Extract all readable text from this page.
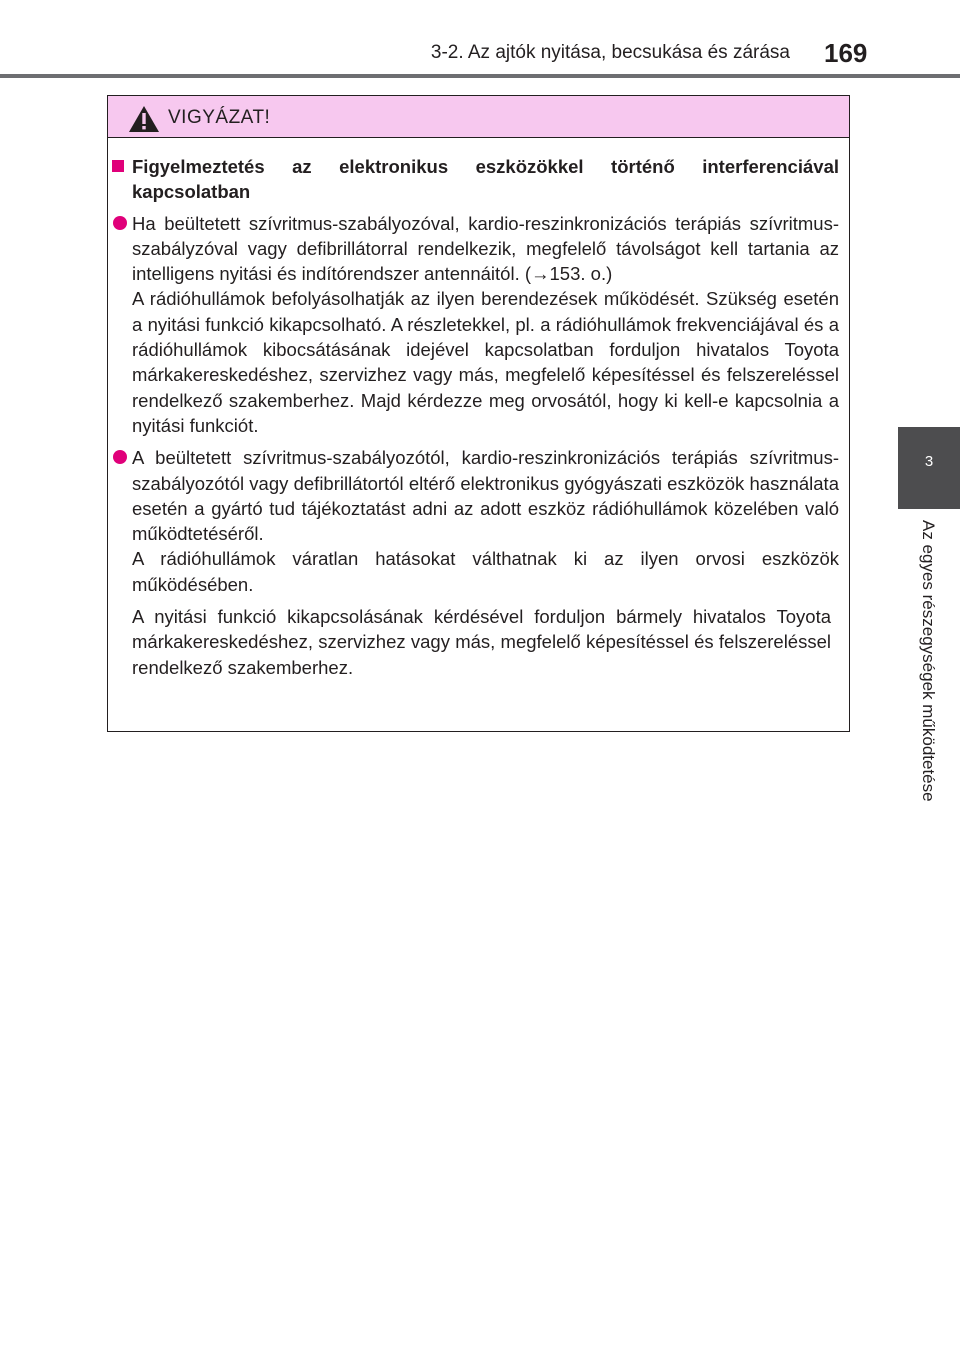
3-2. Az ajtók nyitása, becsukása és zárása 169
3
Az egyes részegységek működtetése
VIGYÁZAT!
Figyelmeztetés az elektronikus eszközökkel történő interferenciával kapcsolatban
Ha beültetett szívritmus-szabályozóval, kardio-reszinkronizációs terápiás szívritmus-szabályzóval vagy defibrillátorral rendelkezik, megfelelő távolságot kell tartania az intelligens nyitási és indítórendszer antennáitól. (→153. o.)
A rádióhullámok befolyásolhatják az ilyen berendezések működését. Szükség esetén a nyitási funkció kikapcsolható. A részletekkel, pl. a rádióhullámok frekvenciájával és a rádióhullámok kibocsátásának idejével kapcsolatban forduljon hivatalos Toyota márkakereskedéshez, szervizhez vagy más, megfelelő képesítéssel és felszereléssel rendelkező szakemberhez. Majd kérdezze meg orvosától, hogy ki kell-e kapcsolnia a nyitási funkciót.
A beültetett szívritmus-szabályozótól, kardio-reszinkronizációs terápiás szívritmus-szabályozótól vagy defibrillátortól eltérő elektronikus gyógyászati eszközök használata esetén a gyártó tud tájékoztatást adni az adott eszköz rádióhullámok közelében való működtetéséről.
A rádióhullámok váratlan hatásokat válthatnak ki az ilyen orvosi eszközök működésében.
A nyitási funkció kikapcsolásának kérdésével forduljon bármely hivatalos Toyota márkakereskedéshez, szervizhez vagy más, megfelelő képesítéssel és felszereléssel rendelkező szakemberhez.
